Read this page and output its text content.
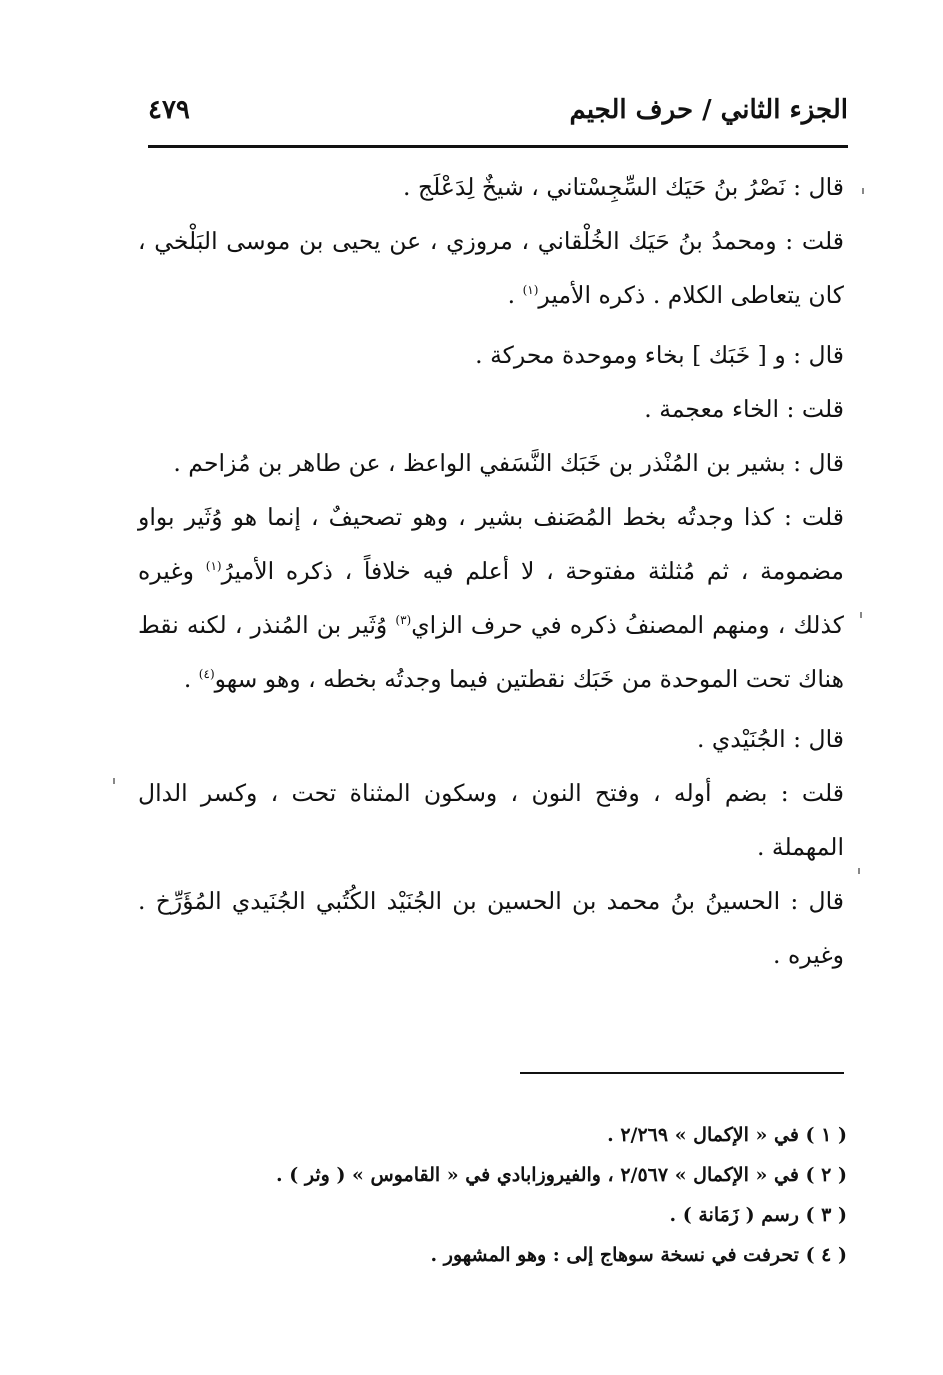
الجزء الثاني / حرف الجيم
٤٧٩

قال : نَصْرُ بنُ حَيَك السِّجِسْتاني ، شيخٌ لِدَعْلَج .

قلت : ومحمدُ بنُ حَيَك الخُلْقاني ، مروزي ، عن يحيى بن موسى البَلْخي ، كان يتعاطى الكلام . ذكره الأمير$^{(١)}$ .

قال : و [ خَبَك ] بخاء وموحدة محركة .

قلت : الخاء معجمة .

قال : بشير بن المُنْذر بن خَبَك النَّسَفي الواعظ ، عن طاهر بن مُزاحم .

قلت : كذا وجدتُه بخط المُصَنف بشير ، وهو تصحيفٌ ، إنما هو وُثَير بواو مضمومة ، ثم مُثلثة مفتوحة ، لا أعلم فيه خلافاً ، ذكره الأميرُ$^{(١)}$ وغيره كذلك ، ومنهم المصنفُ ذكره في حرف الزاي$^{(٣)}$ وُثَير بن المُنذر ، لكنه نقط هناك تحت الموحدة من خَبَك نقطتين فيما وجدتُه بخطه ، وهو سهو$^{(٤)}$ .

قال : الجُنَيْدي .

قلت : بضم أوله ، وفتح النون ، وسكون المثناة تحت ، وكسر الدال المهملة .

قال : الحسينُ بنُ محمد بن الحسين بن الجُنَيْد الكُتُبي الجُنَيدي المُؤَرِّخ . وغيره .

( ١ ) في « الإكمال » ٢/٢٦٩ .

( ٢ ) في « الإكمال » ٢/٥٦٧ ، والفيروزابادي في « القاموس » ( وثر ) .

( ٣ ) رسم ( زَمَانة ) .

( ٤ ) تحرفت في نسخة سوهاج إلى : وهو المشهور .
